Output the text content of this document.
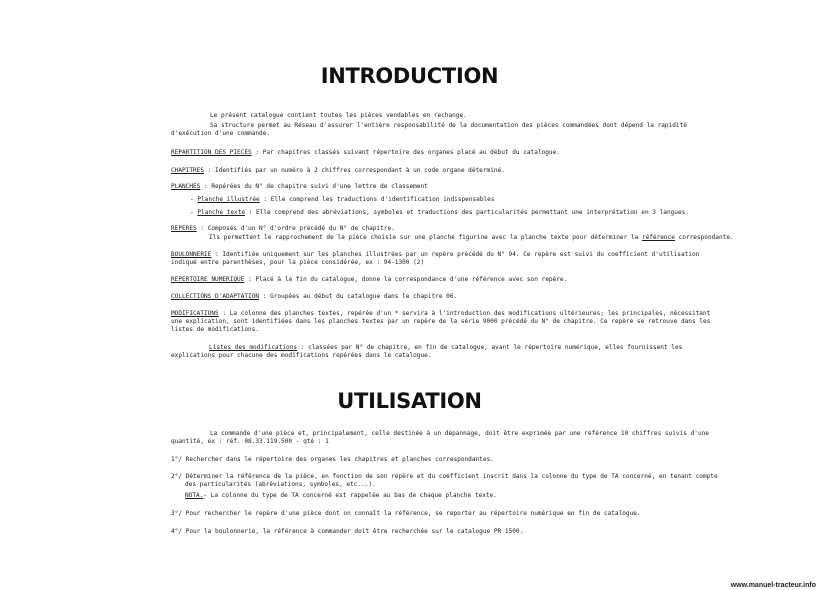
INTRODUCTION
Le présent catalogue contient toutes les pièces vendables en rechange.
Sa structure permet au Réseau d'assurer l'entière responsabilité de la documentation des pièces commandées dont dépend la rapidité
d'exécution d'une commande.
REPARTITION DES PIECES : Par chapitres classés suivant répertoire des organes placé au début du catalogue.
CHAPITRES : Identifiés par un numéro à 2 chiffres correspondant à un code organe déterminé.
PLANCHES : Repérées du N° de chapitre suivi d'une lettre de classement
- Planche illustrée : Elle comprend les traductions d'identification indispensables
- Planche texte : Elle comprend des abréviations, symboles et traductions des particularités permettant une interprétation en 3 langues.
REPERES : Composés d'un N° d'ordre précédé du N° de chapitre.
Ils permettent le rapprochement de la pièce choisie sur une planche figurine avec la planche texte pour déterminer la référence correspondante.
BOULONNERIE : Identifiée uniquement sur les planches illustrées par un repère précédé du N° 94. Ce repère est suivi du coefficient d'utilisation
indiqué entre parenthèses, pour la pièce considérée, ex : 94-1300 (2)
REPERTOIRE NUMERIQUE : Placé à la fin du catalogue, donne la correspondance d'une référence avec son repère.
COLLECTIONS D'ADAPTATION : Groupées au début du catalogue dans le chapitre 06.
MODIFICATIONS : La colonne des planches textes, repérée d'un * servira à l'introduction des modifications ultérieures; les principales, nécessitant
une explication, sont identifiées dans les planches textes par un repère de la série 9000 précédé du N° de chapitre. Ce repère se retrouve dans les
listes de modifications.
Listes des modifications : classées par N° de chapitre, en fin de catalogue, avant le répertoire numérique, elles fournissent les
explications pour chacune des modifications repérées dans le catalogue.
UTILISATION
La commande d'une pièce et, principalement, celle destinée à un dépannage, doit être exprimée par une référence 10 chiffres suivis d'une
quantité, ex : réf. 08.33.119.500 - qté : 1
1°/ Rechercher dans le répertoire des organes les chapitres et planches correspondantes.
2°/ Déterminer la référence de la pièce, en fonction de son repère et du coefficient inscrit dans la colonne du type de TA concerné, en tenant compte
des particularités (abréviations, symboles, etc...).
NOTA.- La colonne du type de TA concerné est rappelée au bas de chaque planche texte.
3°/ Pour rechercher le repère d'une pièce dont on connaît la référence, se reporter au répertoire numérique en fin de catalogue.
4°/ Pour la boulonnerie, la référence à commander doit être recherchée sur le catalogue PR 1500.
www.manuel-tracteur.info
